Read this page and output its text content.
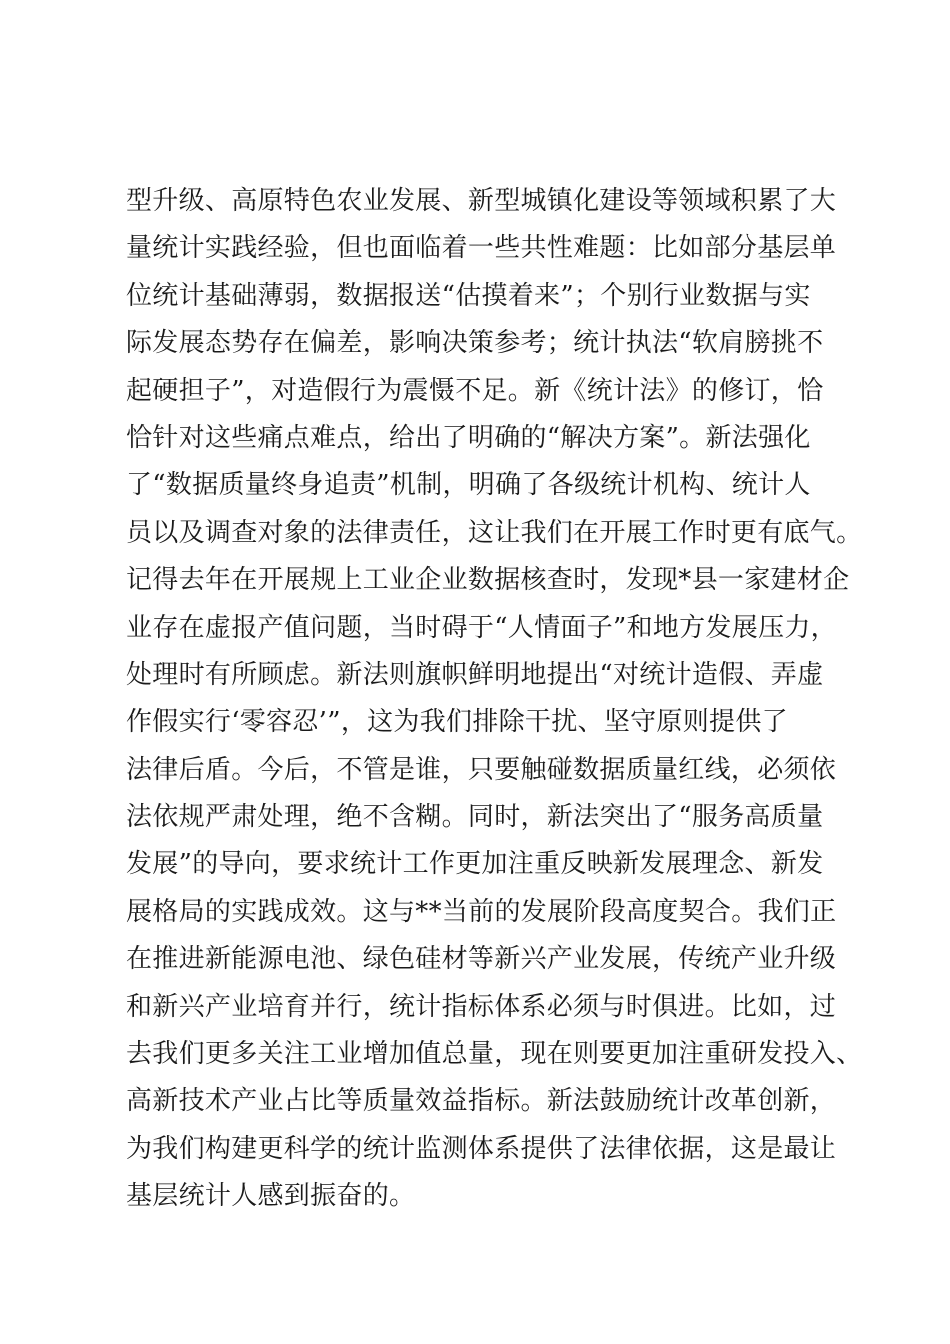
型升级、高原特色农业发展、新型城镇化建设等领域积累了大
量统计实践经验，但也面临着一些共性难题：比如部分基层单
位统计基础薄弱，数据报送“估摸着来”；个别行业数据与实
际发展态势存在偏差，影响决策参考；统计执法“软肩膀挑不
起硬担子”，对造假行为震慑不足。新《统计法》的修订，恰
恰针对这些痛点难点，给出了明确的“解决方案”。新法强化
了“数据质量终身追责”机制，明确了各级统计机构、统计人
员以及调查对象的法律责任，这让我们在开展工作时更有底气。
记得去年在开展规上工业企业数据核查时，发现*县一家建材企
业存在虚报产值问题，当时碍于“人情面子”和地方发展压力，
处理时有所顾虑。新法则旗帜鲜明地提出“对统计造假、弄虚
作假实行‘零容忍’”，这为我们排除干扰、坚守原则提供了
法律后盾。今后，不管是谁，只要触碰数据质量红线，必须依
法依规严肃处理，绝不含糊。同时，新法突出了“服务高质量
发展”的导向，要求统计工作更加注重反映新发展理念、新发
展格局的实践成效。这与**当前的发展阶段高度契合。我们正
在推进新能源电池、绿色硅材等新兴产业发展，传统产业升级
和新兴产业培育并行，统计指标体系必须与时俱进。比如，过
去我们更多关注工业增加值总量，现在则要更加注重研发投入、
高新技术产业占比等质量效益指标。新法鼓励统计改革创新，
为我们构建更科学的统计监测体系提供了法律依据，这是最让
基层统计人感到振奋的。
